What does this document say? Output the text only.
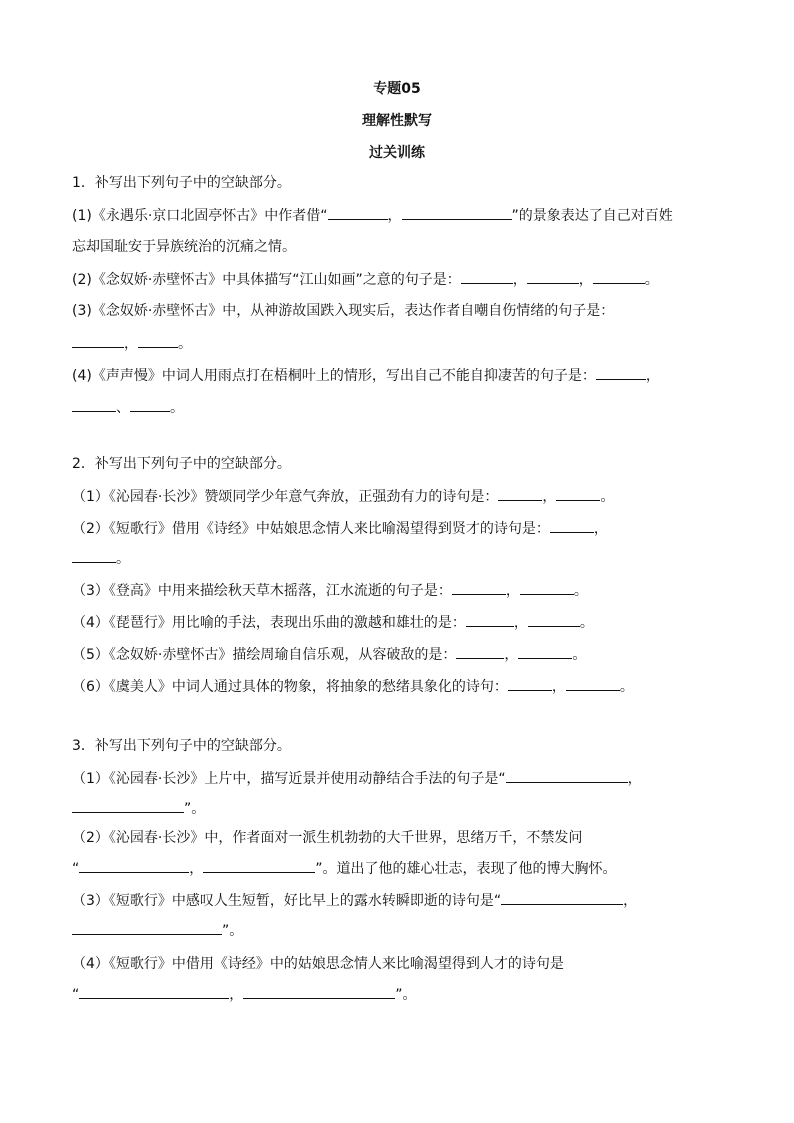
专题05
理解性默写
过关训练
1．补写出下列句子中的空缺部分。
(1)《永遇乐·京口北固亭怀古》中作者借“	，	”的景象表达了自己对百姓
忘却国耻安于异族统治的沉痛之情。
(2)《念奴娇·赤壁怀古》中具体描写“江山如画”之意的句子是：	，	，	。
(3)《念奴娇·赤壁怀古》中，从神游故国跌入现实后，表达作者自嘲自伤情绪的句子是：
，	。
(4)《声声慢》中词人用雨点打在梧桐叶上的情形，写出自己不能自抑凄苦的句子是：	，
、	。
2．补写出下列句子中的空缺部分。
（1）《沁园春·长沙》赞颂同学少年意气奔放，正强劲有力的诗句是：	，	。
（2）《短歌行》借用《诗经》中姑娘思念情人来比喻渴望得到贤才的诗句是：	，
。
（3）《登高》中用来描绘秋天草木摇落，江水流逝的句子是：	，	。
（4）《琵琶行》用比喻的手法，表现出乐曲的激越和雄壮的是：	，	。
（5）《念奴娇·赤壁怀古》描绘周瑜自信乐观，从容破敌的是：	，	。
（6）《虞美人》中词人通过具体的物象，将抽象的愁绪具象化的诗句：	，	。
3．补写出下列句子中的空缺部分。
（1）《沁园春·长沙》上片中，描写近景并使用动静结合手法的句子是“	，
”。
（2）《沁园春·长沙》中，作者面对一派生机勃勃的大千世界，思绪万千，不禁发问
“	，	”。道出了他的雄心壮志，表现了他的博大胸怀。
（3）《短歌行》中感叹人生短暂，好比早上的露水转瞬即逝的诗句是“	，
”。
（4）《短歌行》中借用《诗经》中的姑娘思念情人来比喻渴望得到人才的诗句是
“	，	”。
